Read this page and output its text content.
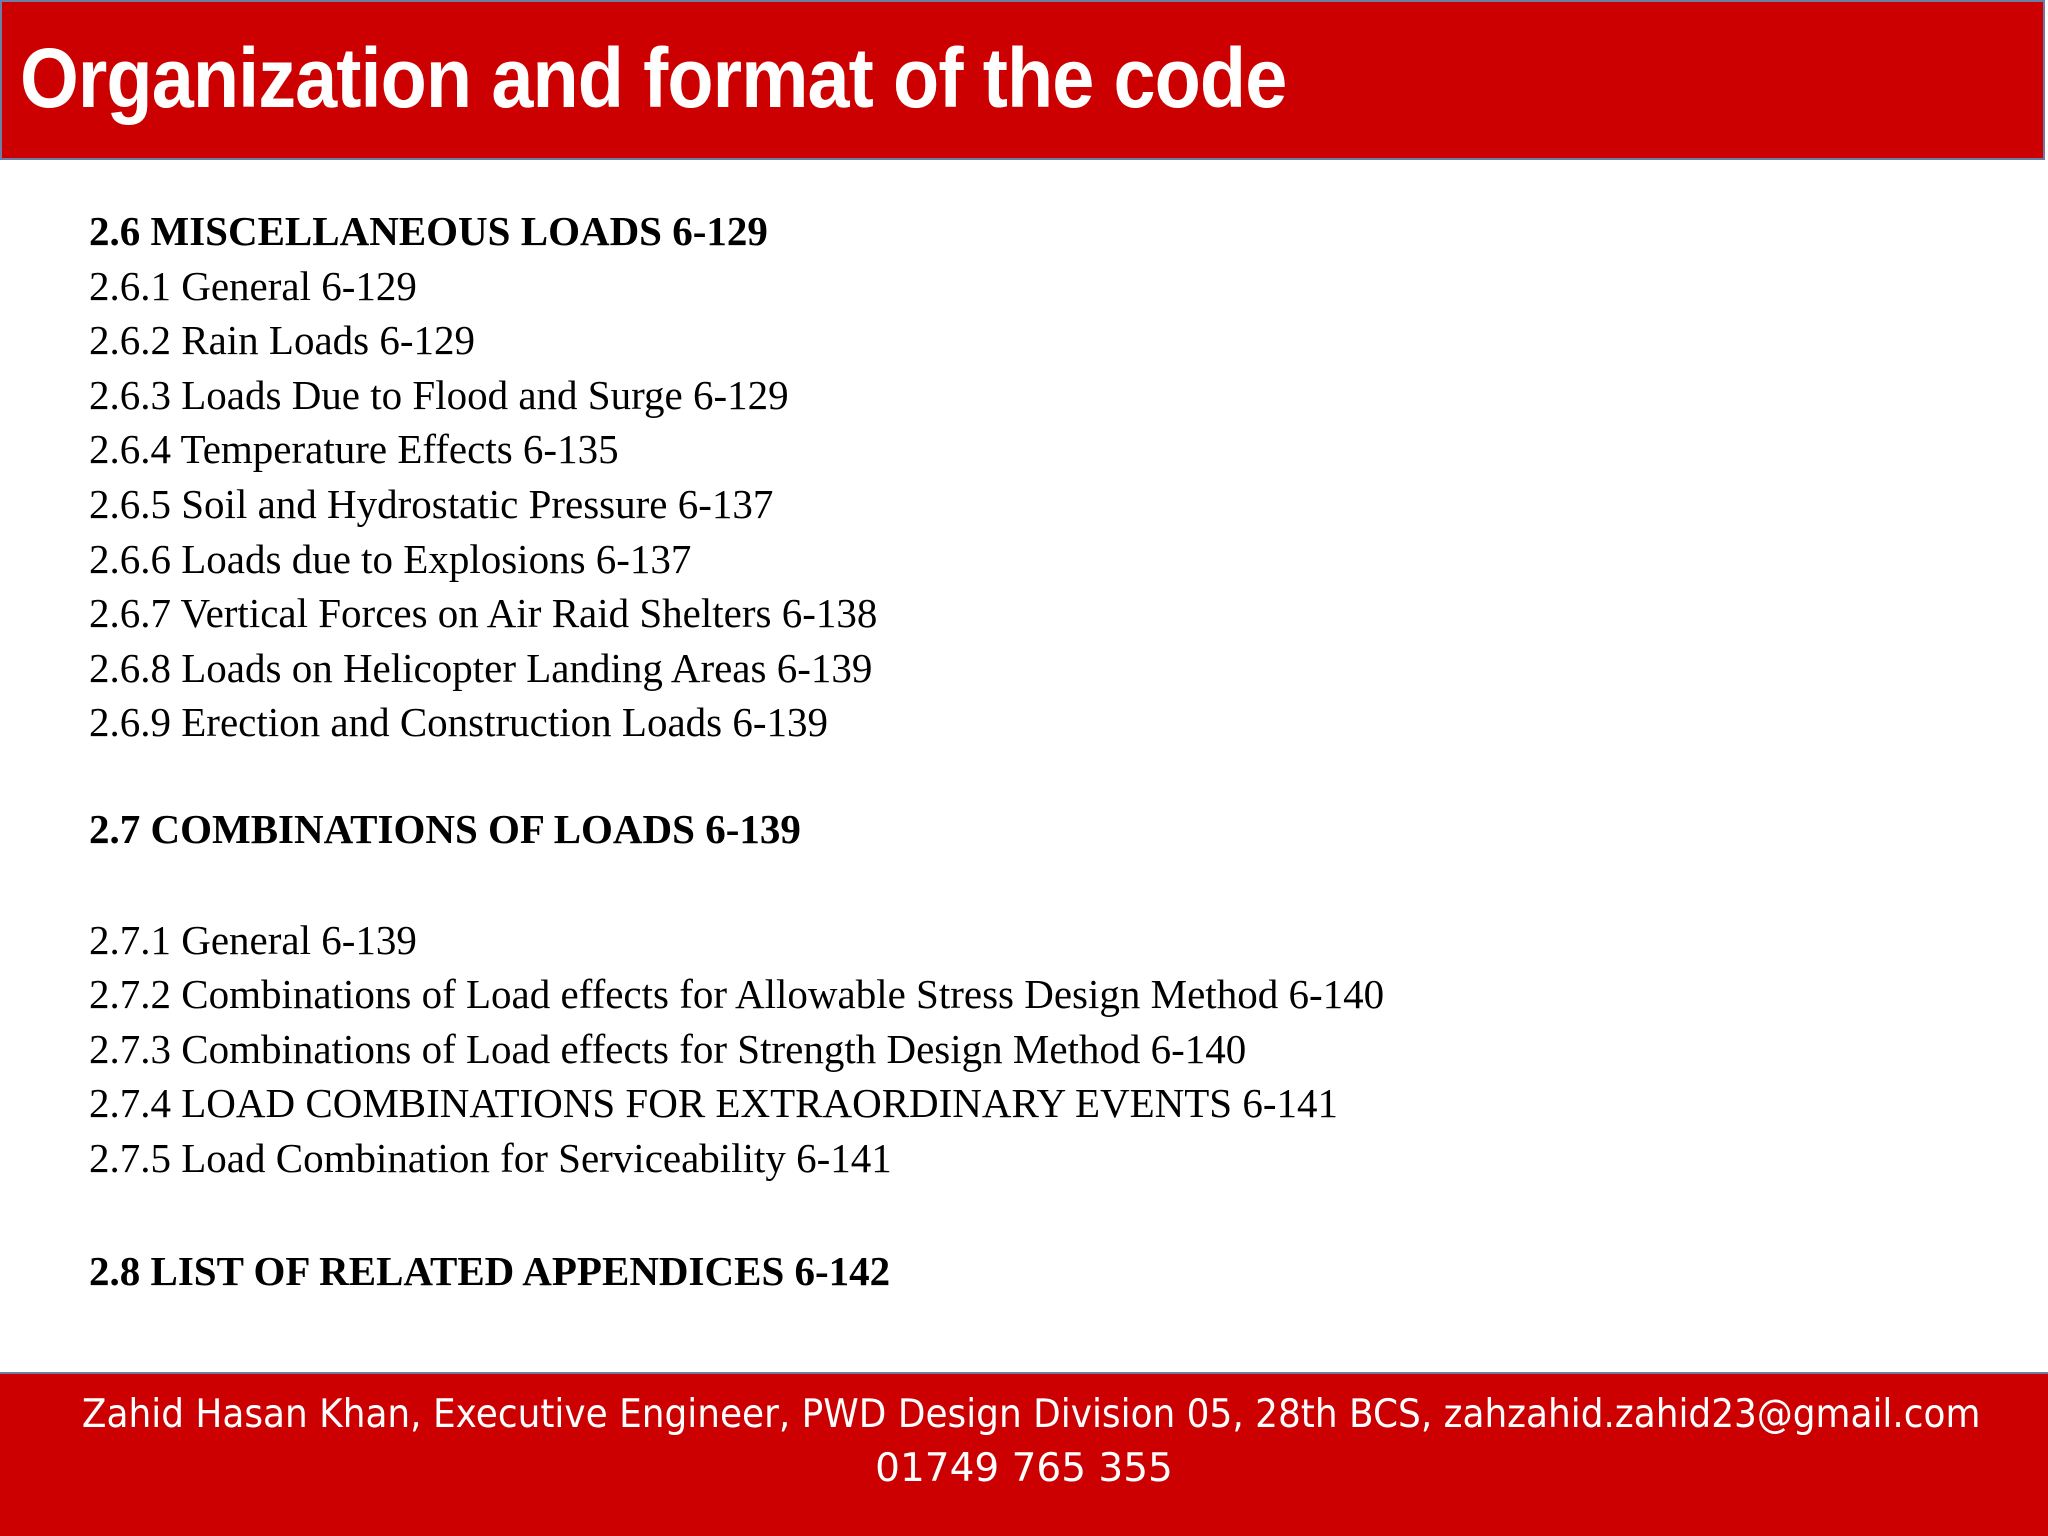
Organization and format of the code
2.6 MISCELLANEOUS LOADS 6-129
2.6.1 General 6-129
2.6.2 Rain Loads 6-129
2.6.3 Loads Due to Flood and Surge 6-129
2.6.4 Temperature Effects 6-135
2.6.5 Soil and Hydrostatic Pressure 6-137
2.6.6 Loads due to Explosions 6-137
2.6.7 Vertical Forces on Air Raid Shelters 6-138
2.6.8 Loads on Helicopter Landing Areas 6-139
2.6.9 Erection and Construction Loads 6-139
2.7 COMBINATIONS OF LOADS 6-139
2.7.1 General 6-139
2.7.2 Combinations of Load effects for Allowable Stress Design Method 6-140
2.7.3 Combinations of Load effects for Strength Design Method 6-140
2.7.4 LOAD COMBINATIONS FOR EXTRAORDINARY EVENTS 6-141
2.7.5 Load Combination for Serviceability 6-141
2.8 LIST OF RELATED APPENDICES 6-142
Zahid Hasan Khan, Executive Engineer, PWD Design Division 05, 28th BCS, zahzahid.zahid23@gmail.com
01749 765 355
